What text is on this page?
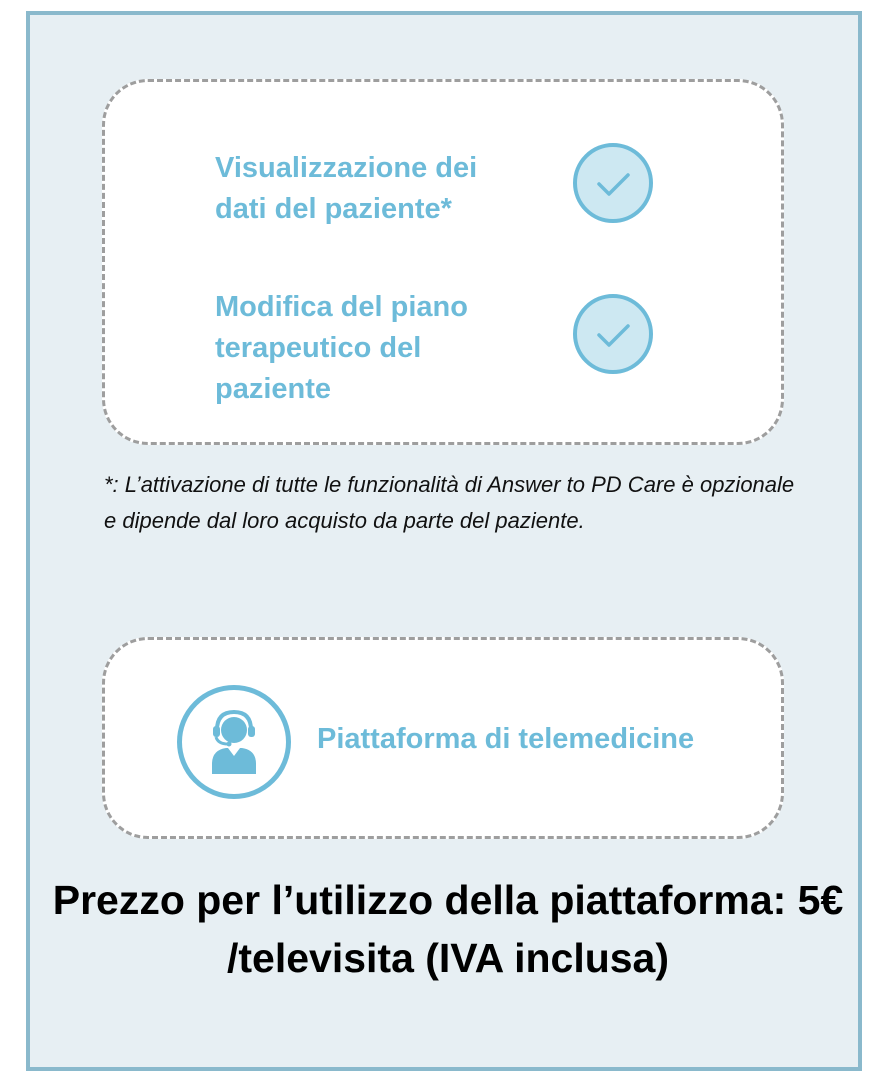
Visualizzazione dei dati del paziente*

Modifica del piano terapeutico del paziente

*: L’attivazione di tutte le funzionalità di Answer to PD Care è opzionale e dipende dal loro acquisto da parte del paziente.

Piattaforma di telemedicine

Prezzo per l’utilizzo della piattaforma: 5€ /televisita (IVA inclusa)
